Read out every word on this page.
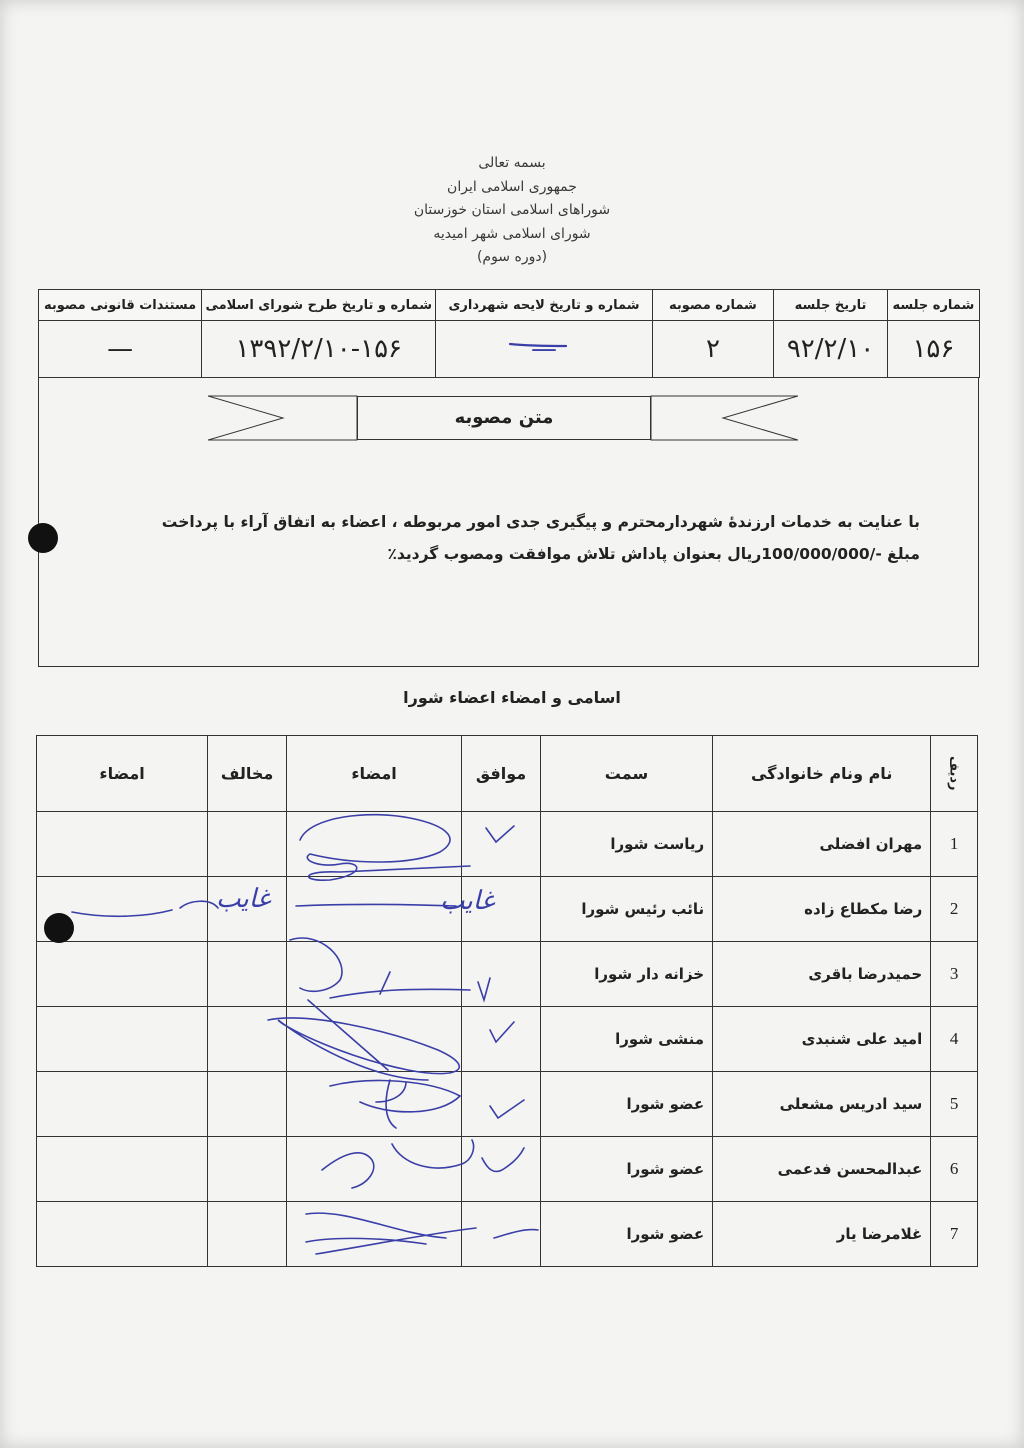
بسمه تعالی
جمهوری اسلامی ایران
شوراهای اسلامی استان خوزستان
شورای اسلامی شهر امیدیه
(دوره سوم)
شماره جلسه	تاریخ جلسه	شماره مصوبه	شماره و تاریخ لایحه شهرداری	شماره و تاریخ طرح شورای اسلامی	مستندات قانونی مصوبه
۱۵۶	۹۲/۲/۱۰	۲	—	۱۳۹۲/۲/۱۰-۱۵۶	—
متن مصوبه
با عنایت به خدمات ارزندهٔ شهردارمحترم و پیگیری جدی امور مربوطه ، اعضاء به اتفاق آراء با پرداخت
مبلغ -/100/000/000ریال بعنوان پاداش تلاش موافقت ومصوب گردید٪
اسامی و امضاء اعضاء شورا
ردیف	نام ونام خانوادگی	سمت	موافق	امضاء	مخالف	امضاء
1	مهران افضلی	ریاست شورا				
2	رضا مکطاع زاده	نائب رئیس شورا				
3	حمیدرضا باقری	خزانه دار شورا				
4	امید علی شنبدی	منشی شورا				
5	سید ادریس مشعلی	عضو شورا				
6	عبدالمحسن فدعمی	عضو شورا				
7	غلامرضا یار	عضو شورا				
غایب
غایب
